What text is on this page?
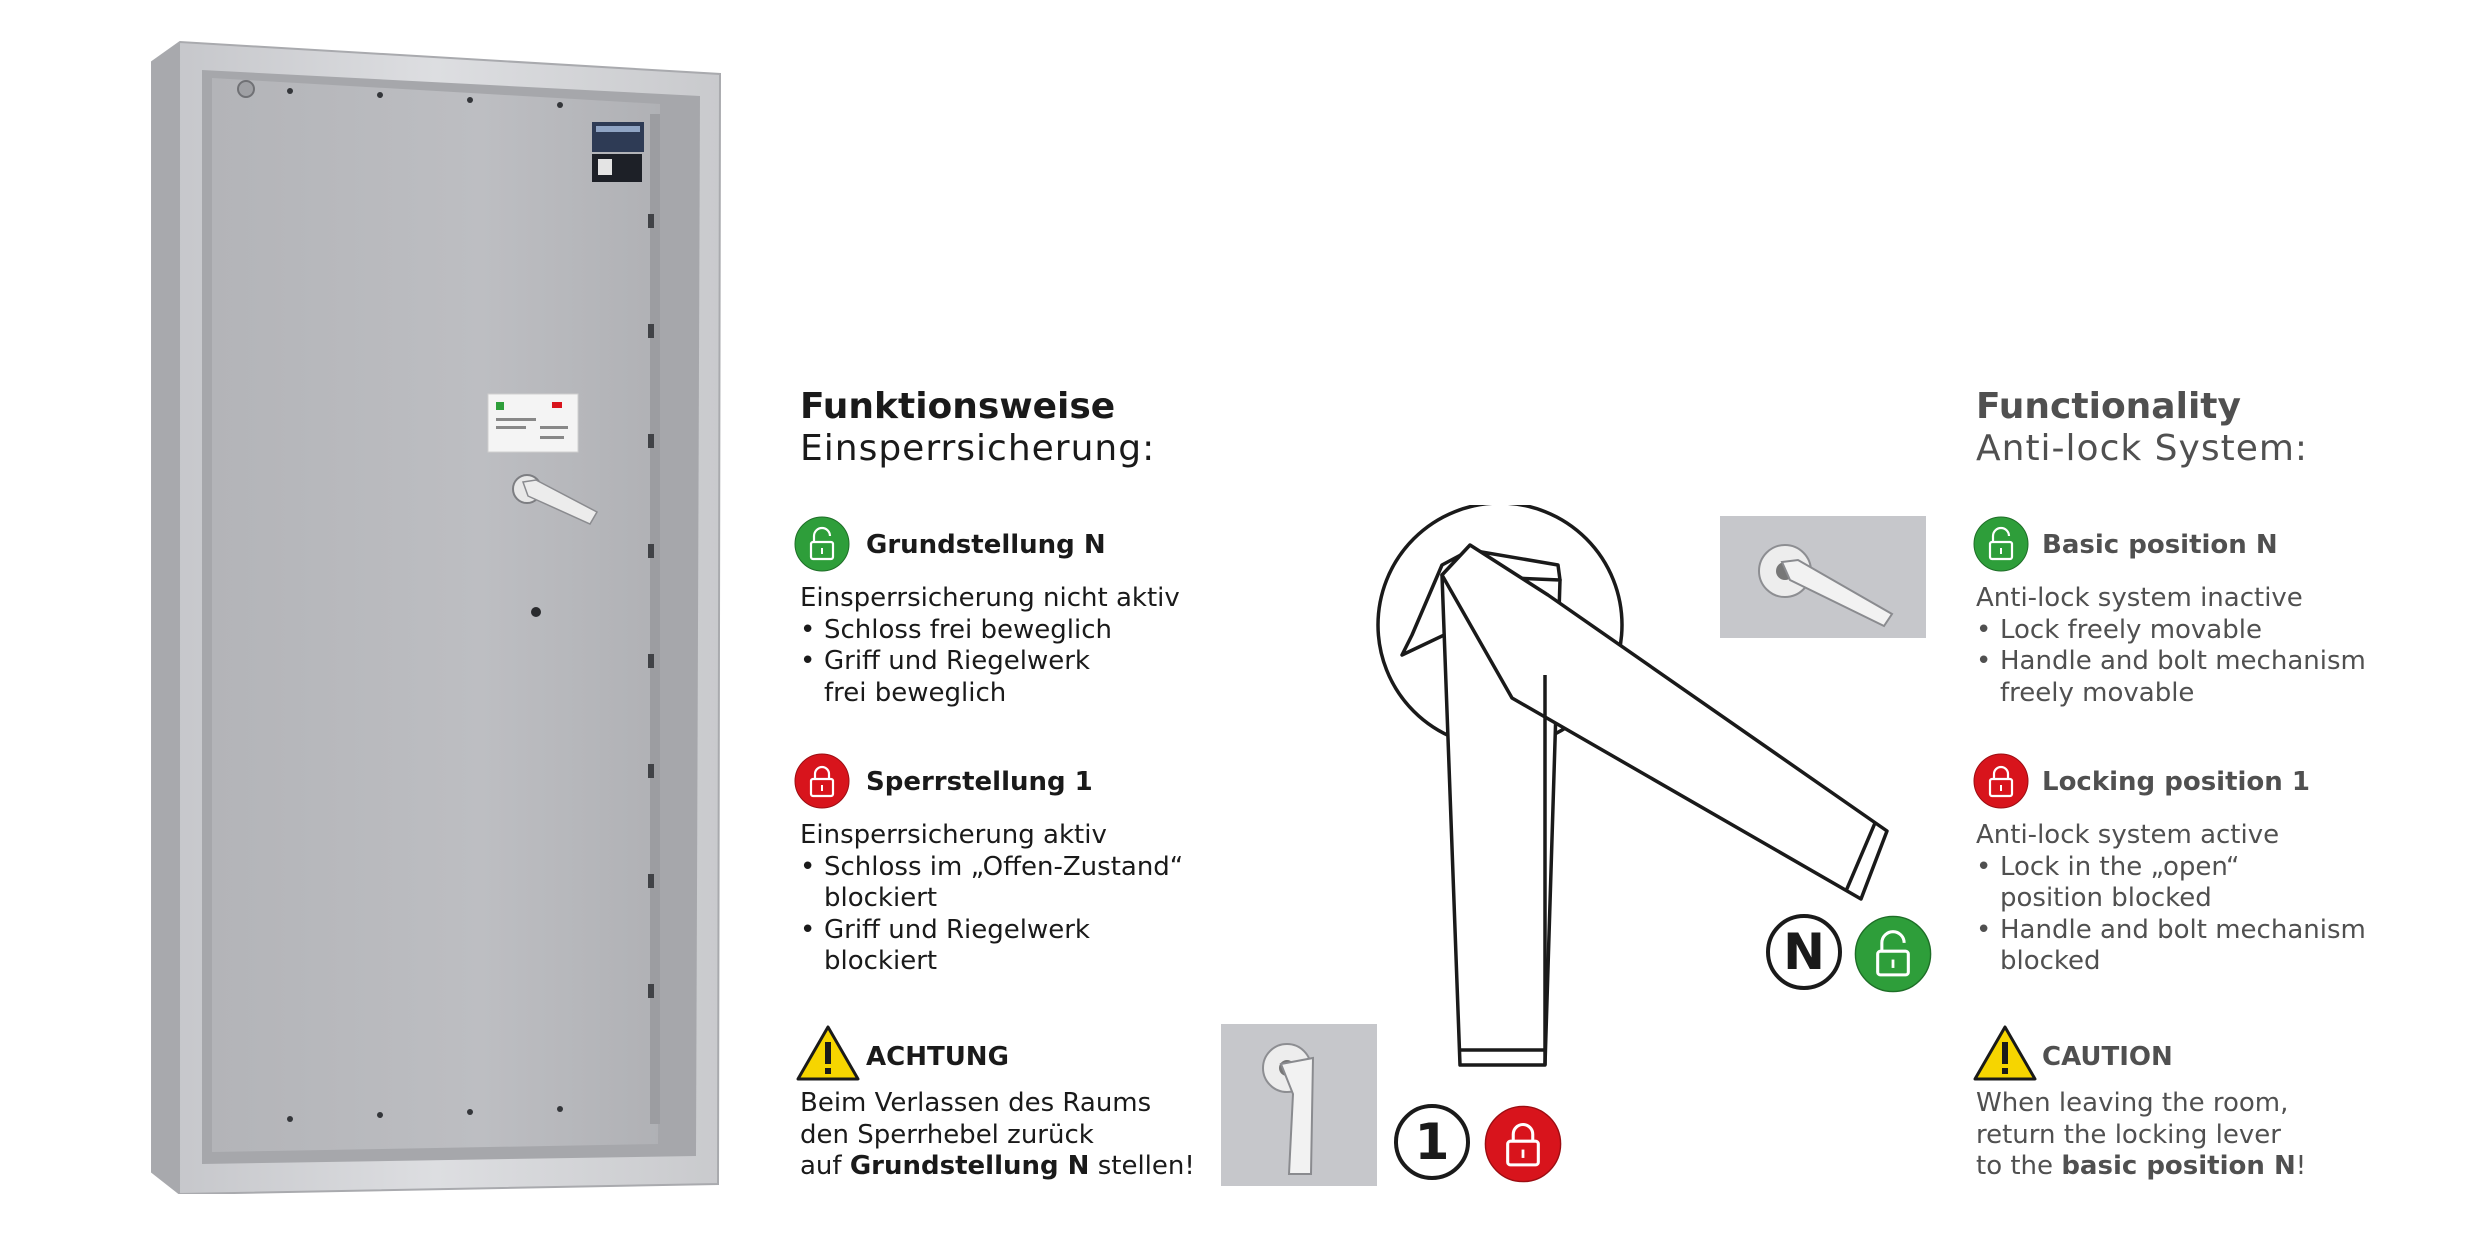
Funktionsweise
Einsperrsicherung:
Grundstellung N
Einsperrsicherung nicht aktiv
• Schloss frei beweglich
• Griff und Riegelwerk
frei beweglich
Sperrstellung 1
Einsperrsicherung aktiv
• Schloss im „Offen-Zustand“
blockiert
• Griff und Riegelwerk
blockiert
ACHTUNG
Beim Verlassen des Raums
den Sperrhebel zurück
auf Grundstellung N stellen!
N
1
Functionality
Anti-lock System:
Basic position N
Anti-lock system inactive
• Lock freely movable
• Handle and bolt mechanism
freely movable
Locking position 1
Anti-lock system active
• Lock in the „open“
position blocked
• Handle and bolt mechanism
blocked
CAUTION
When leaving the room,
return the locking lever
to the basic position N!
